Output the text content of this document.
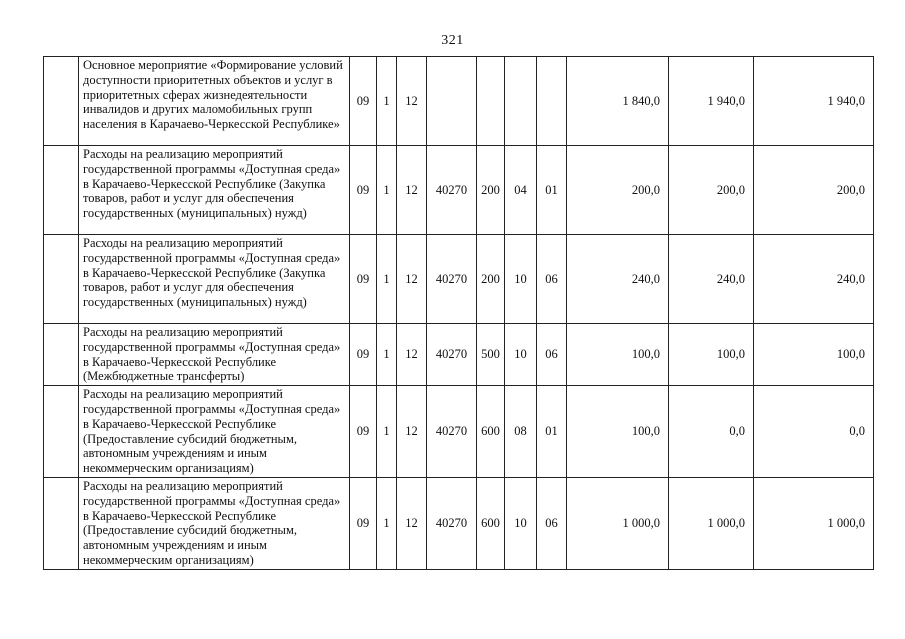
321
	Основное мероприятие «Формирование условий доступности приоритетных объектов и услуг в приоритетных сферах жизнедеятельности инвалидов и других маломобильных групп населения в Карачаево-Черкесской Республике»	09	1	12					1 840,0	1 940,0	1 940,0
	Расходы на реализацию мероприятий государственной программы «Доступная среда» в Карачаево-Черкесской Республике (Закупка товаров, работ и услуг для обеспечения государственных (муниципальных) нужд)	09	1	12	40270	200	04	01	200,0	200,0	200,0
	Расходы на реализацию мероприятий государственной программы «Доступная среда» в Карачаево-Черкесской Республике (Закупка товаров, работ и услуг для обеспечения государственных (муниципальных) нужд)	09	1	12	40270	200	10	06	240,0	240,0	240,0
	Расходы на реализацию мероприятий государственной программы «Доступная среда» в Карачаево-Черкесской Республике (Межбюджетные трансферты)	09	1	12	40270	500	10	06	100,0	100,0	100,0
	Расходы на реализацию мероприятий государственной программы «Доступная среда» в Карачаево-Черкесской Республике (Предоставление субсидий бюджетным, автономным учреждениям и иным некоммерческим организациям)	09	1	12	40270	600	08	01	100,0	0,0	0,0
	Расходы на реализацию мероприятий государственной программы «Доступная среда» в Карачаево-Черкесской Республике (Предоставление субсидий бюджетным, автономным учреждениям и иным некоммерческим организациям)	09	1	12	40270	600	10	06	1 000,0	1 000,0	1 000,0
